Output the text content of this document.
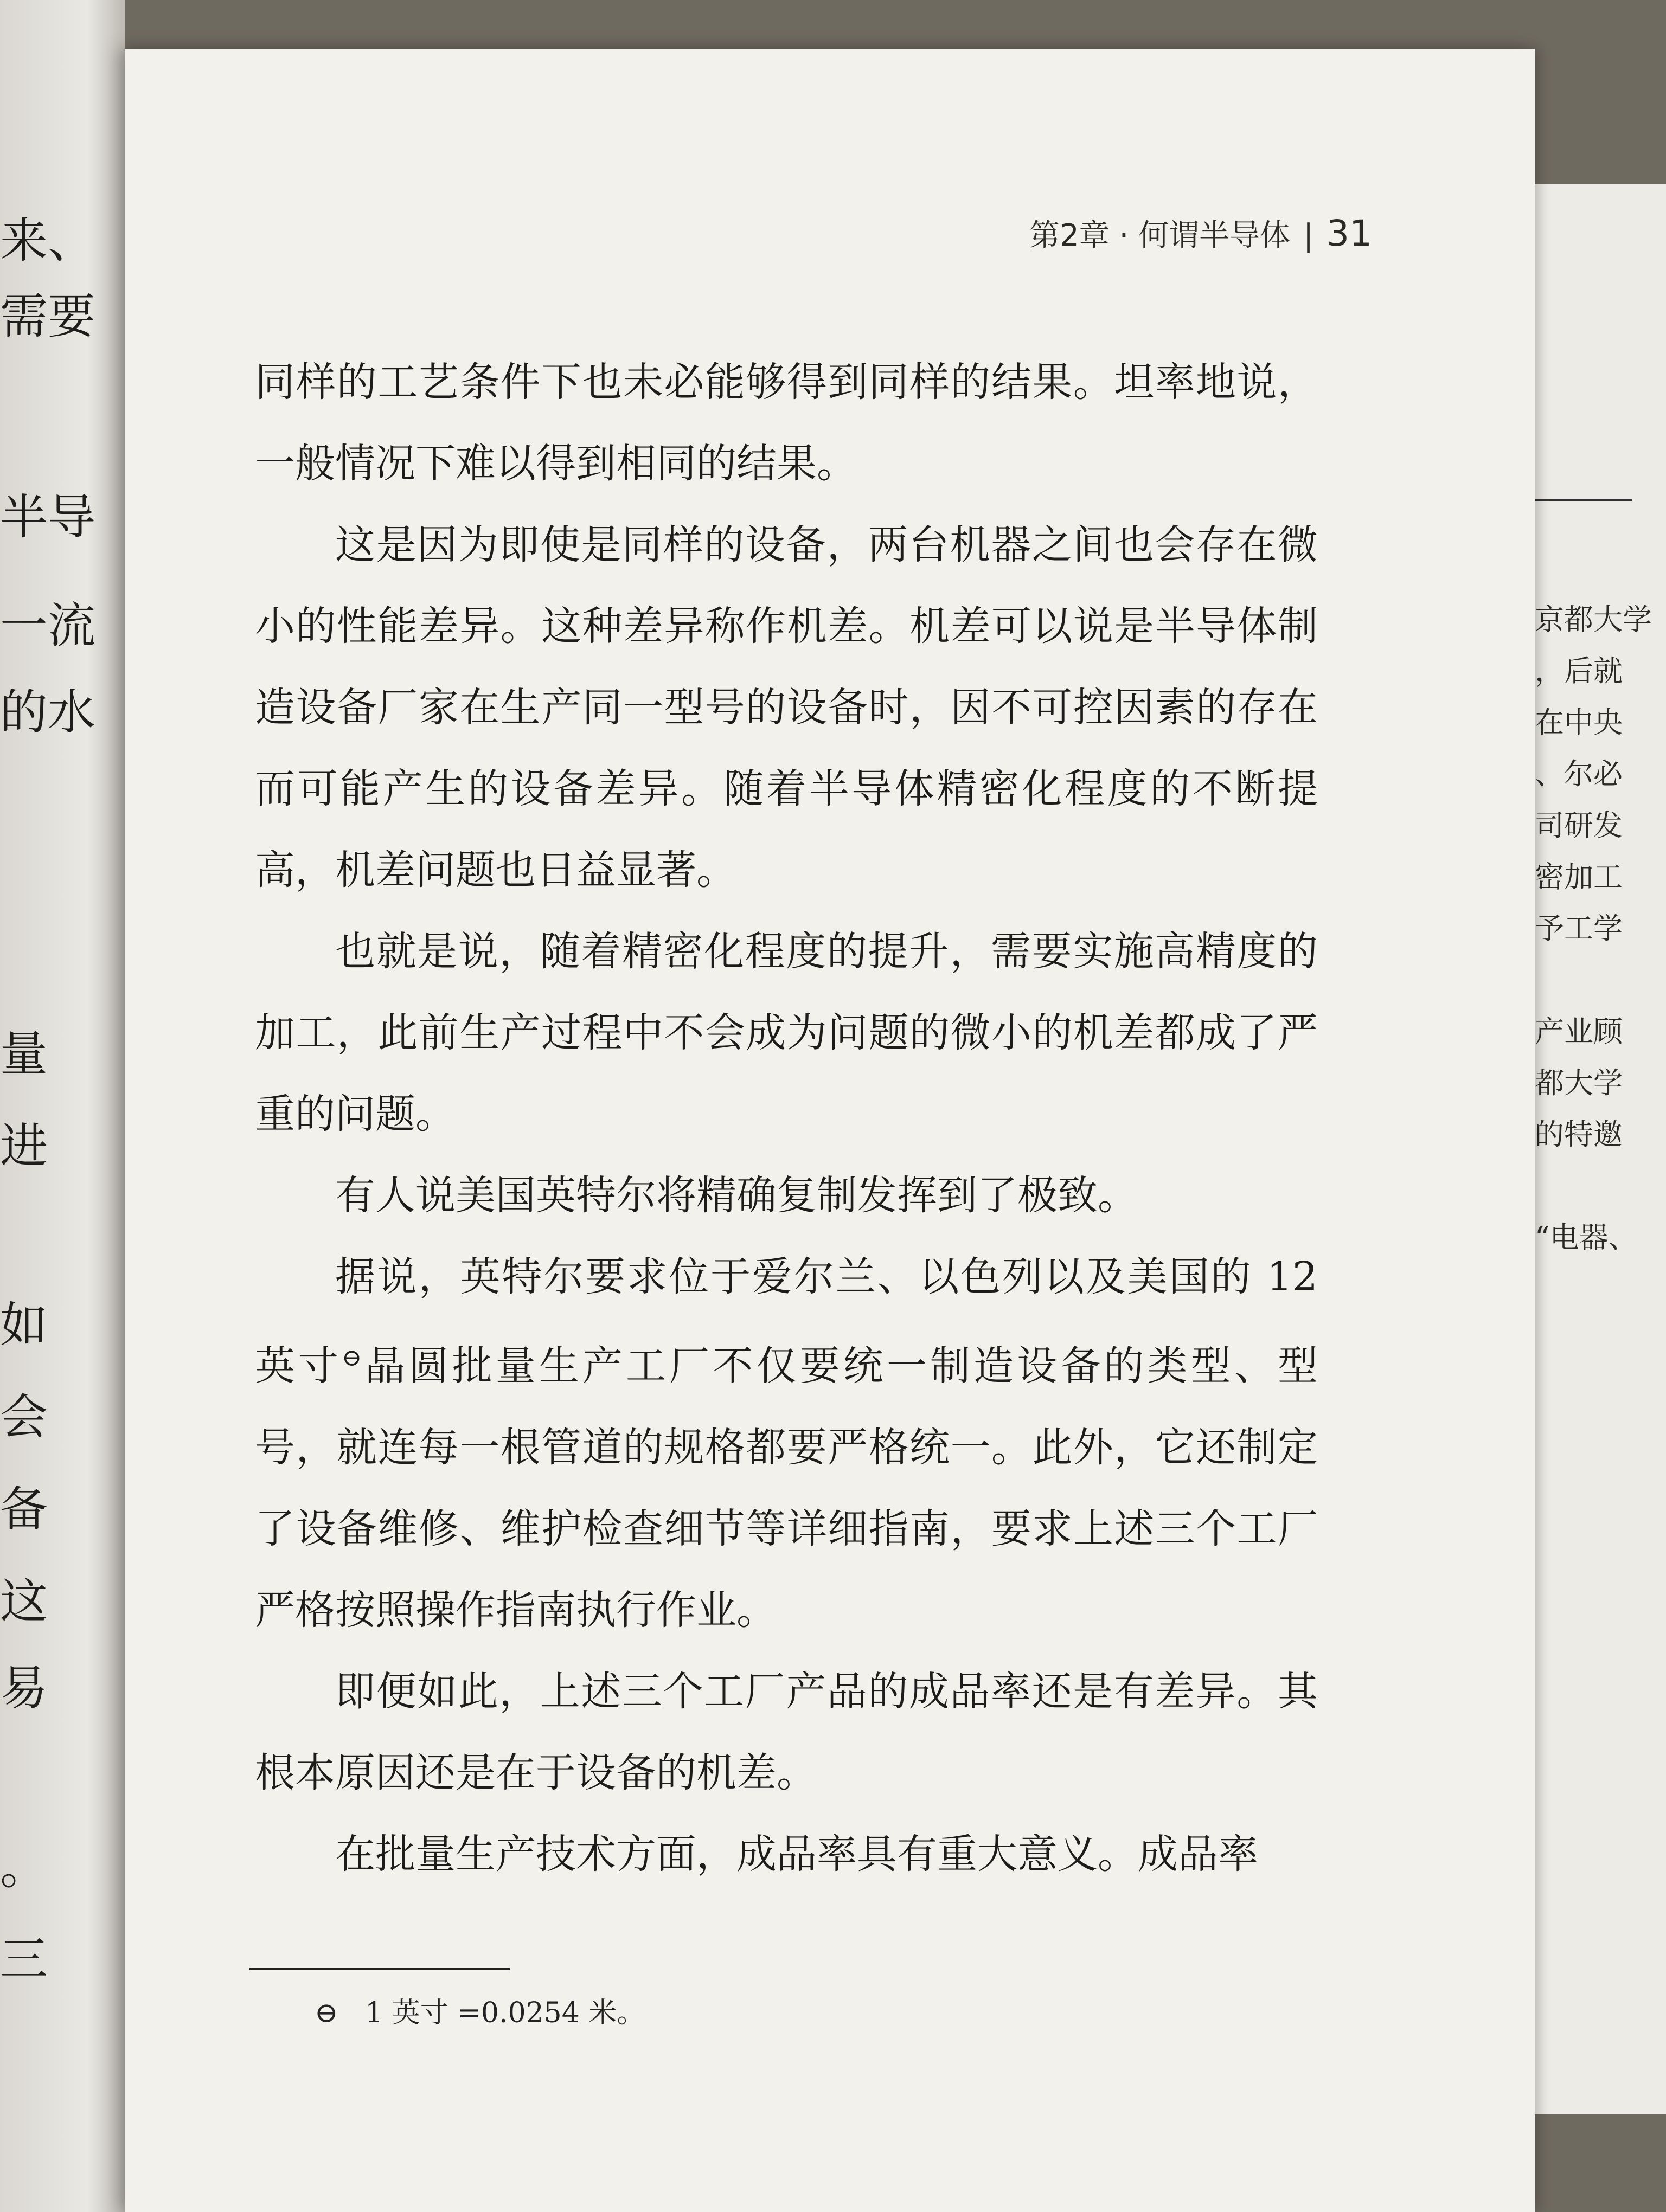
来、
需要
半导
一流
的水
量
进
如
会
备
这
易
。
三
京都大学
，后就
在中央
、尔必
司研发
密加工
予工学
产业顾
都大学
的特邀
“电器、
第2章 · 何谓半导体 | 31

同样的工艺条件下也未必能够得到同样的结果。坦率地说，一般情况下难以得到相同的结果。

这是因为即使是同样的设备，两台机器之间也会存在微小的性能差异。这种差异称作机差。机差可以说是半导体制造设备厂家在生产同一型号的设备时，因不可控因素的存在而可能产生的设备差异。随着半导体精密化程度的不断提高，机差问题也日益显著。

也就是说，随着精密化程度的提升，需要实施高精度的加工，此前生产过程中不会成为问题的微小的机差都成了严重的问题。

有人说美国英特尔将精确复制发挥到了极致。

据说，英特尔要求位于爱尔兰、以色列以及美国的 12 英寸⊖晶圆批量生产工厂不仅要统一制造设备的类型、型号，就连每一根管道的规格都要严格统一。此外，它还制定了设备维修、维护检查细节等详细指南，要求上述三个工厂严格按照操作指南执行作业。

即便如此，上述三个工厂产品的成品率还是有差异。其根本原因还是在于设备的机差。

在批量生产技术方面，成品率具有重大意义。成品率

⊖ 1 英寸 =0.0254 米。
